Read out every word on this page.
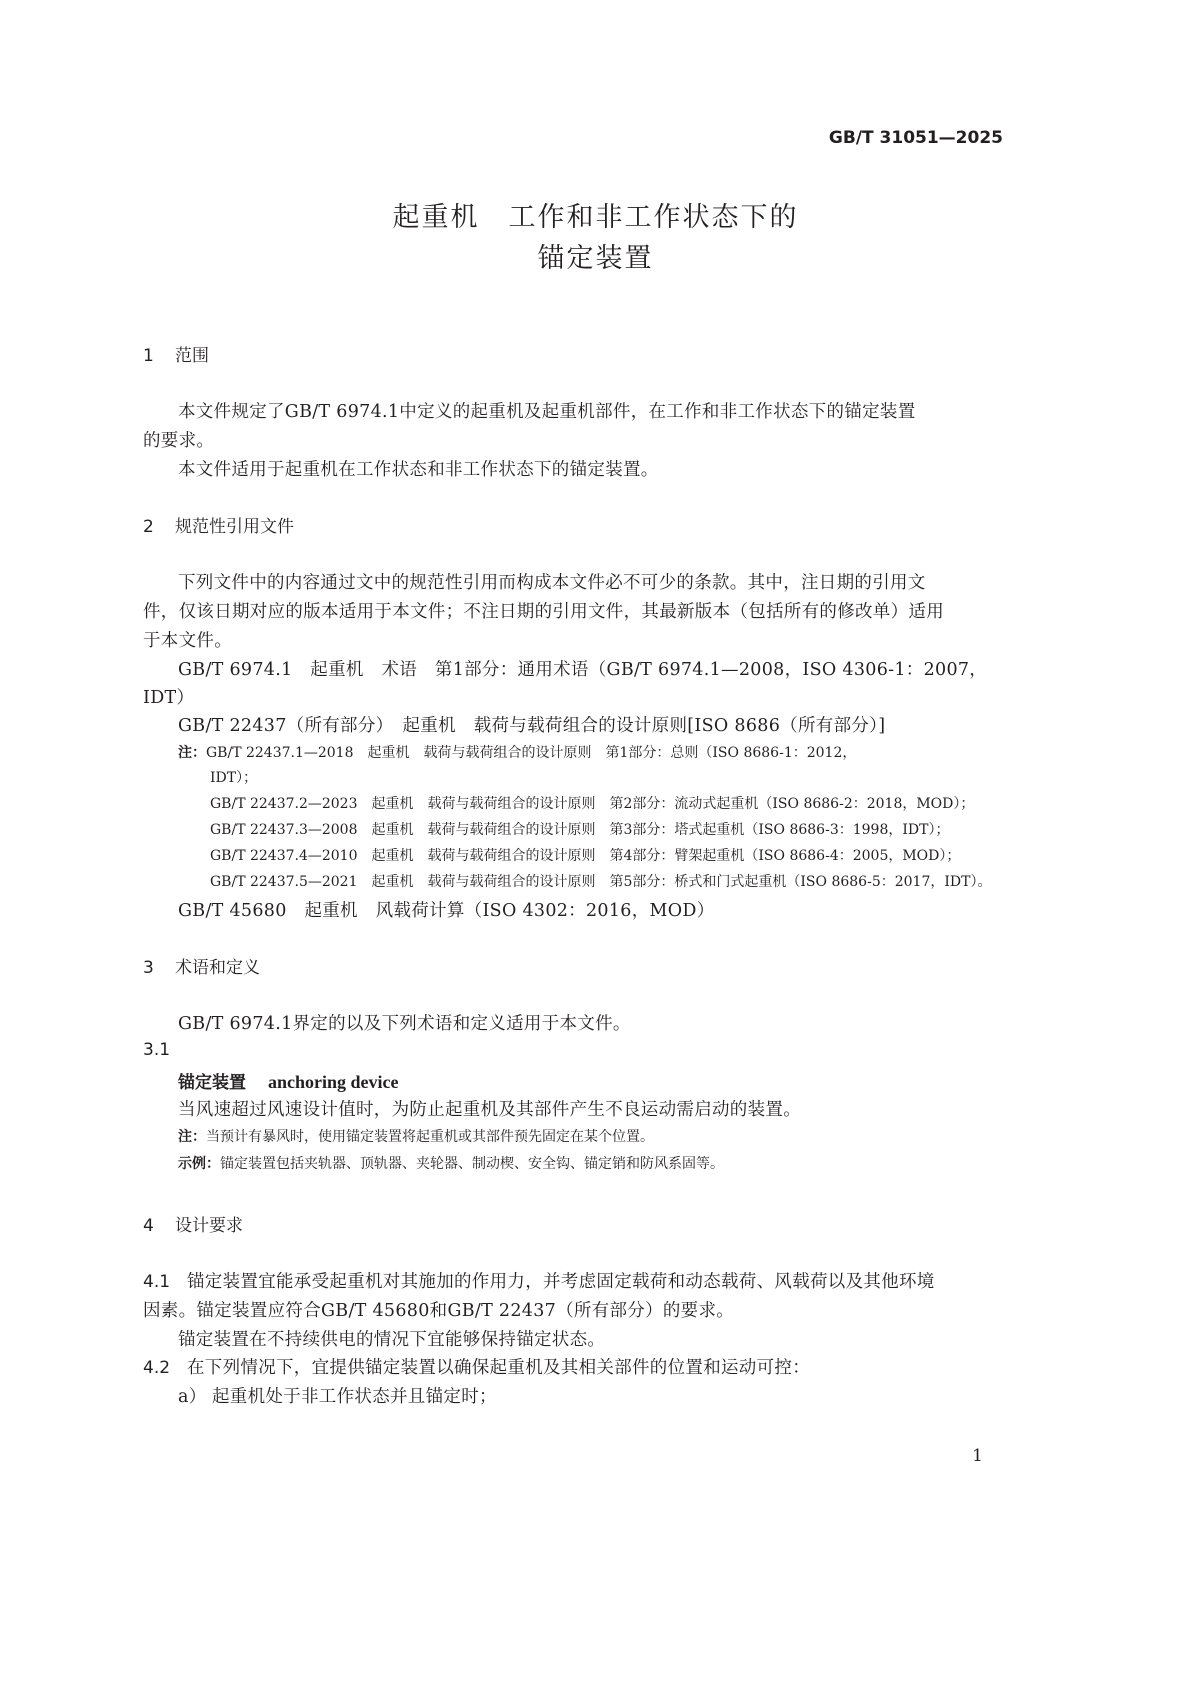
GB/T 31051—2025
起重机　工作和非工作状态下的
锚定装置
1 范围
本文件规定了GB/T 6974.1中定义的起重机及起重机部件，在工作和非工作状态下的锚定装置
的要求。
本文件适用于起重机在工作状态和非工作状态下的锚定装置。
2 规范性引用文件
下列文件中的内容通过文中的规范性引用而构成本文件必不可少的条款。其中，注日期的引用文
件，仅该日期对应的版本适用于本文件；不注日期的引用文件，其最新版本（包括所有的修改单）适用
于本文件。
GB/T 6974.1　起重机　术语　第1部分：通用术语（GB/T 6974.1—2008，ISO 4306-1：2007，
IDT）
GB/T 22437（所有部分）　起重机　载荷与载荷组合的设计原则[ISO 8686（所有部分）]
注：GB/T 22437.1—2018　起重机　载荷与载荷组合的设计原则　第1部分：总则（ISO 8686-1：2012，
IDT）；
GB/T 22437.2—2023　起重机　载荷与载荷组合的设计原则　第2部分：流动式起重机（ISO 8686-2：2018，MOD）；
GB/T 22437.3—2008　起重机　载荷与载荷组合的设计原则　第3部分：塔式起重机（ISO 8686-3：1998，IDT）；
GB/T 22437.4—2010　起重机　载荷与载荷组合的设计原则　第4部分：臂架起重机（ISO 8686-4：2005，MOD）；
GB/T 22437.5—2021　起重机　载荷与载荷组合的设计原则　第5部分：桥式和门式起重机（ISO 8686-5：2017，IDT）。
GB/T 45680　起重机　风载荷计算（ISO 4302：2016，MOD）
3 术语和定义
GB/T 6974.1界定的以及下列术语和定义适用于本文件。
3.1
锚定装置 anchoring device
当风速超过风速设计值时，为防止起重机及其部件产生不良运动需启动的装置。
注：当预计有暴风时，使用锚定装置将起重机或其部件预先固定在某个位置。
示例：锚定装置包括夹轨器、顶轨器、夹轮器、制动楔、安全钩、锚定销和防风系固等。
4 设计要求
4.1 锚定装置宜能承受起重机对其施加的作用力，并考虑固定载荷和动态载荷、风载荷以及其他环境
因素。锚定装置应符合GB/T 45680和GB/T 22437（所有部分）的要求。
锚定装置在不持续供电的情况下宜能够保持锚定状态。
4.2 在下列情况下，宜提供锚定装置以确保起重机及其相关部件的位置和运动可控：
a） 起重机处于非工作状态并且锚定时；
1
